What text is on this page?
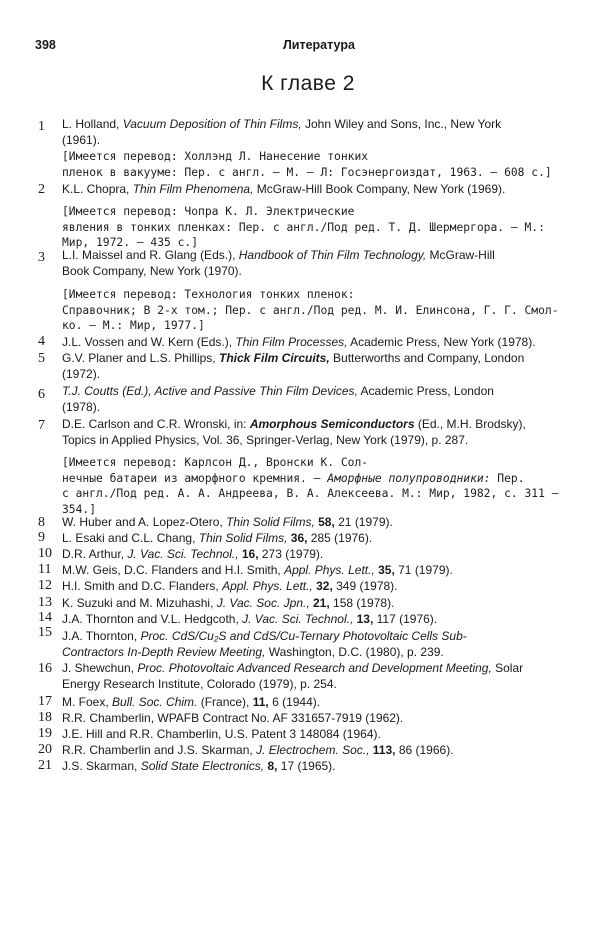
398	Литература
К главе 2
1	L. Holland, Vacuum Deposition of Thin Films, John Wiley and Sons, Inc., New York
(1961).
[Имеется перевод: Холлэнд Л. Нанесение тонких
пленок в вакууме: Пер. с англ. — М. — Л: Госэнергоиздат, 1963. — 608 с.]
2	K.L. Chopra, Thin Film Phenomena, McGraw-Hill Book Company, New York (1969).
[Имеется перевод: Чопра К. Л. Электрические
явления в тонких пленках: Пер. с англ./Под ред. Т. Д. Шермергора. — М.:
Мир, 1972. — 435 с.]
3	L.I. Maissel and R. Glang (Eds.), Handbook of Thin Film Technology, McGraw-Hill
Book Company, New York (1970).
[Имеется перевод: Технология тонких пленок:
Справочник; В 2-х том.; Пер. с англ./Под ред. М. И. Елинсона, Г. Г. Смол-
ко. — М.: Мир, 1977.]
4	J.L. Vossen and W. Kern (Eds.), Thin Film Processes, Academic Press, New York (1978).
5	G.V. Planer and L.S. Phillips, Thick Film Circuits, Butterworths and Company, London
(1972).
6	T.J. Coutts (Ed.), Active and Passive Thin Film Devices, Academic Press, London
(1978).
7	D.E. Carlson and C.R. Wronski, in: Amorphous Semiconductors (Ed., M.H. Brodsky),
Topics in Applied Physics, Vol. 36, Springer-Verlag, New York (1979), p. 287.
[Имеется перевод: Карлсон Д., Вронски К. Сол-
нечные батареи из аморфного кремния. — Аморфные полупроводники: Пер.
с англ./Под ред. А. А. Андреева, В. А. Алексеева. М.: Мир, 1982, с. 311 —
354.]
8	W. Huber and A. Lopez-Otero, Thin Solid Films, 58, 21 (1979).
9	L. Esaki and C.L. Chang, Thin Solid Films, 36, 285 (1976).
10 D.R. Arthur, J. Vac. Sci. Technol., 16, 273 (1979).
11 M.W. Geis, D.C. Flanders and H.I. Smith, Appl. Phys. Lett., 35, 71 (1979).
12 H.I. Smith and D.C. Flanders, Appl. Phys. Lett., 32, 349 (1978).
13 K. Suzuki and M. Mizuhashi, J. Vac. Soc. Jpn., 21, 158 (1978).
14 J.A. Thornton and V.L. Hedgcoth, J. Vac. Sci. Technol., 13, 117 (1976).
15 J.A. Thornton, Proc. CdS/Cu₂S and CdS/Cu-Ternary Photovoltaic Cells Sub-
Contractors In-Depth Review Meeting, Washington, D.C. (1980), p. 239.
16 J. Shewchun, Proc. Photovoltaic Advanced Research and Development Meeting, Solar
Energy Research Institute, Colorado (1979), p. 254.
17 M. Foex, Bull. Soc. Chim. (France), 11, 6 (1944).
18 R.R. Chamberlin, WPAFB Contract No. AF 331657-7919 (1962).
19 J.E. Hill and R.R. Chamberlin, U.S. Patent 3 148084 (1964).
20 R.R. Chamberlin and J.S. Skarman, J. Electrochem. Soc., 113, 86 (1966).
21 J.S. Skarman, Solid State Electronics, 8, 17 (1965).
